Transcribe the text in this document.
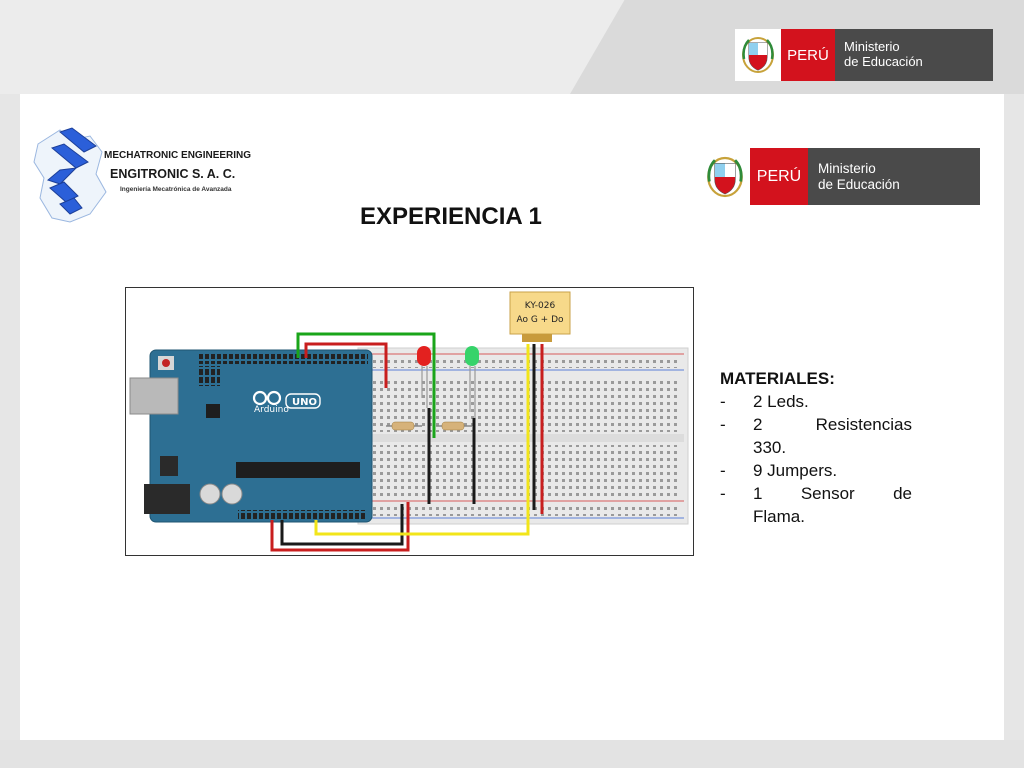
PERÚ	Ministerio
de Educación
MECHATRONIC ENGINEERING
ENGITRONIC S. A. C.
Ingeniería Mecatrónica de Avanzada
PERÚ	Ministerio
de Educación
EXPERIENCIA 1
Arduino
UNO
KY-026
Ao G + Do
MATERIALES:
-	2 Leds.
-	2 Resistencias
330.
-	9 Jumpers.
-	1 Sensor de
Flama.
